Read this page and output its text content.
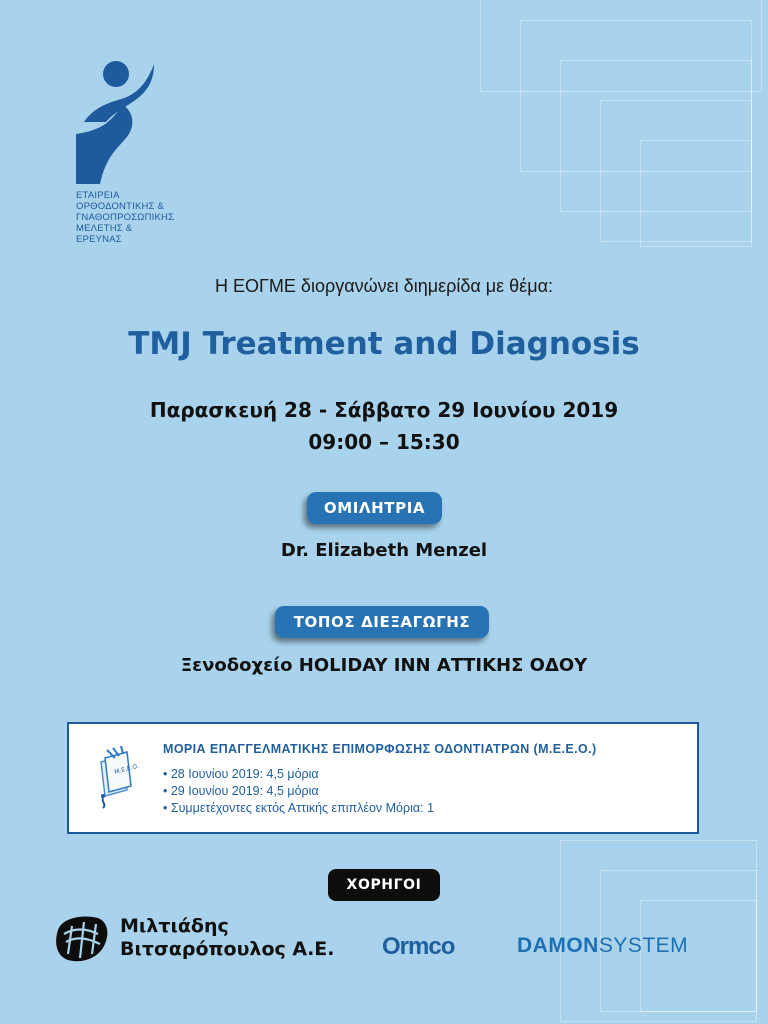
ΕΤΑΙΡΕΙΑ
ΟΡΘΟΔΟΝΤΙΚΗΣ &
ΓΝΑΘΟΠΡΟΣΩΠΙΚΗΣ
ΜΕΛΕΤΗΣ &
ΕΡΕΥΝΑΣ
Η ΕΟΓΜΕ διοργανώνει διημερίδα με θέμα:
TMJ Treatment and Diagnosis
Παρασκευή 28 - Σάββατο 29 Ιουνίου 2019
09:00 – 15:30
ΟΜΙΛΗΤΡΙΑ
Dr. Elizabeth Menzel
ΤΟΠΟΣ ΔΙΕΞΑΓΩΓΗΣ
Ξενοδοχείο HOLIDAY INN ΑΤΤΙΚΗΣ ΟΔΟΥ
Μ.Ε.Ε.Ο.
ΜΟΡΙΑ ΕΠΑΓΓΕΛΜΑΤΙΚΗΣ ΕΠΙΜΟΡΦΩΣΗΣ ΟΔΟΝΤΙΑΤΡΩΝ (Μ.Ε.Ε.Ο.)
• 28 Ιουνίου 2019: 4,5 μόρια
• 29 Ιουνίου 2019: 4,5 μόρια
• Συμμετέχοντες εκτός Αττικής επιπλέον Μόρια: 1
ΧΟΡΗΓΟΙ
Μιλτιάδης
Βιτσαρόπουλος Α.Ε. Ormco	DAMONSYSTEM
